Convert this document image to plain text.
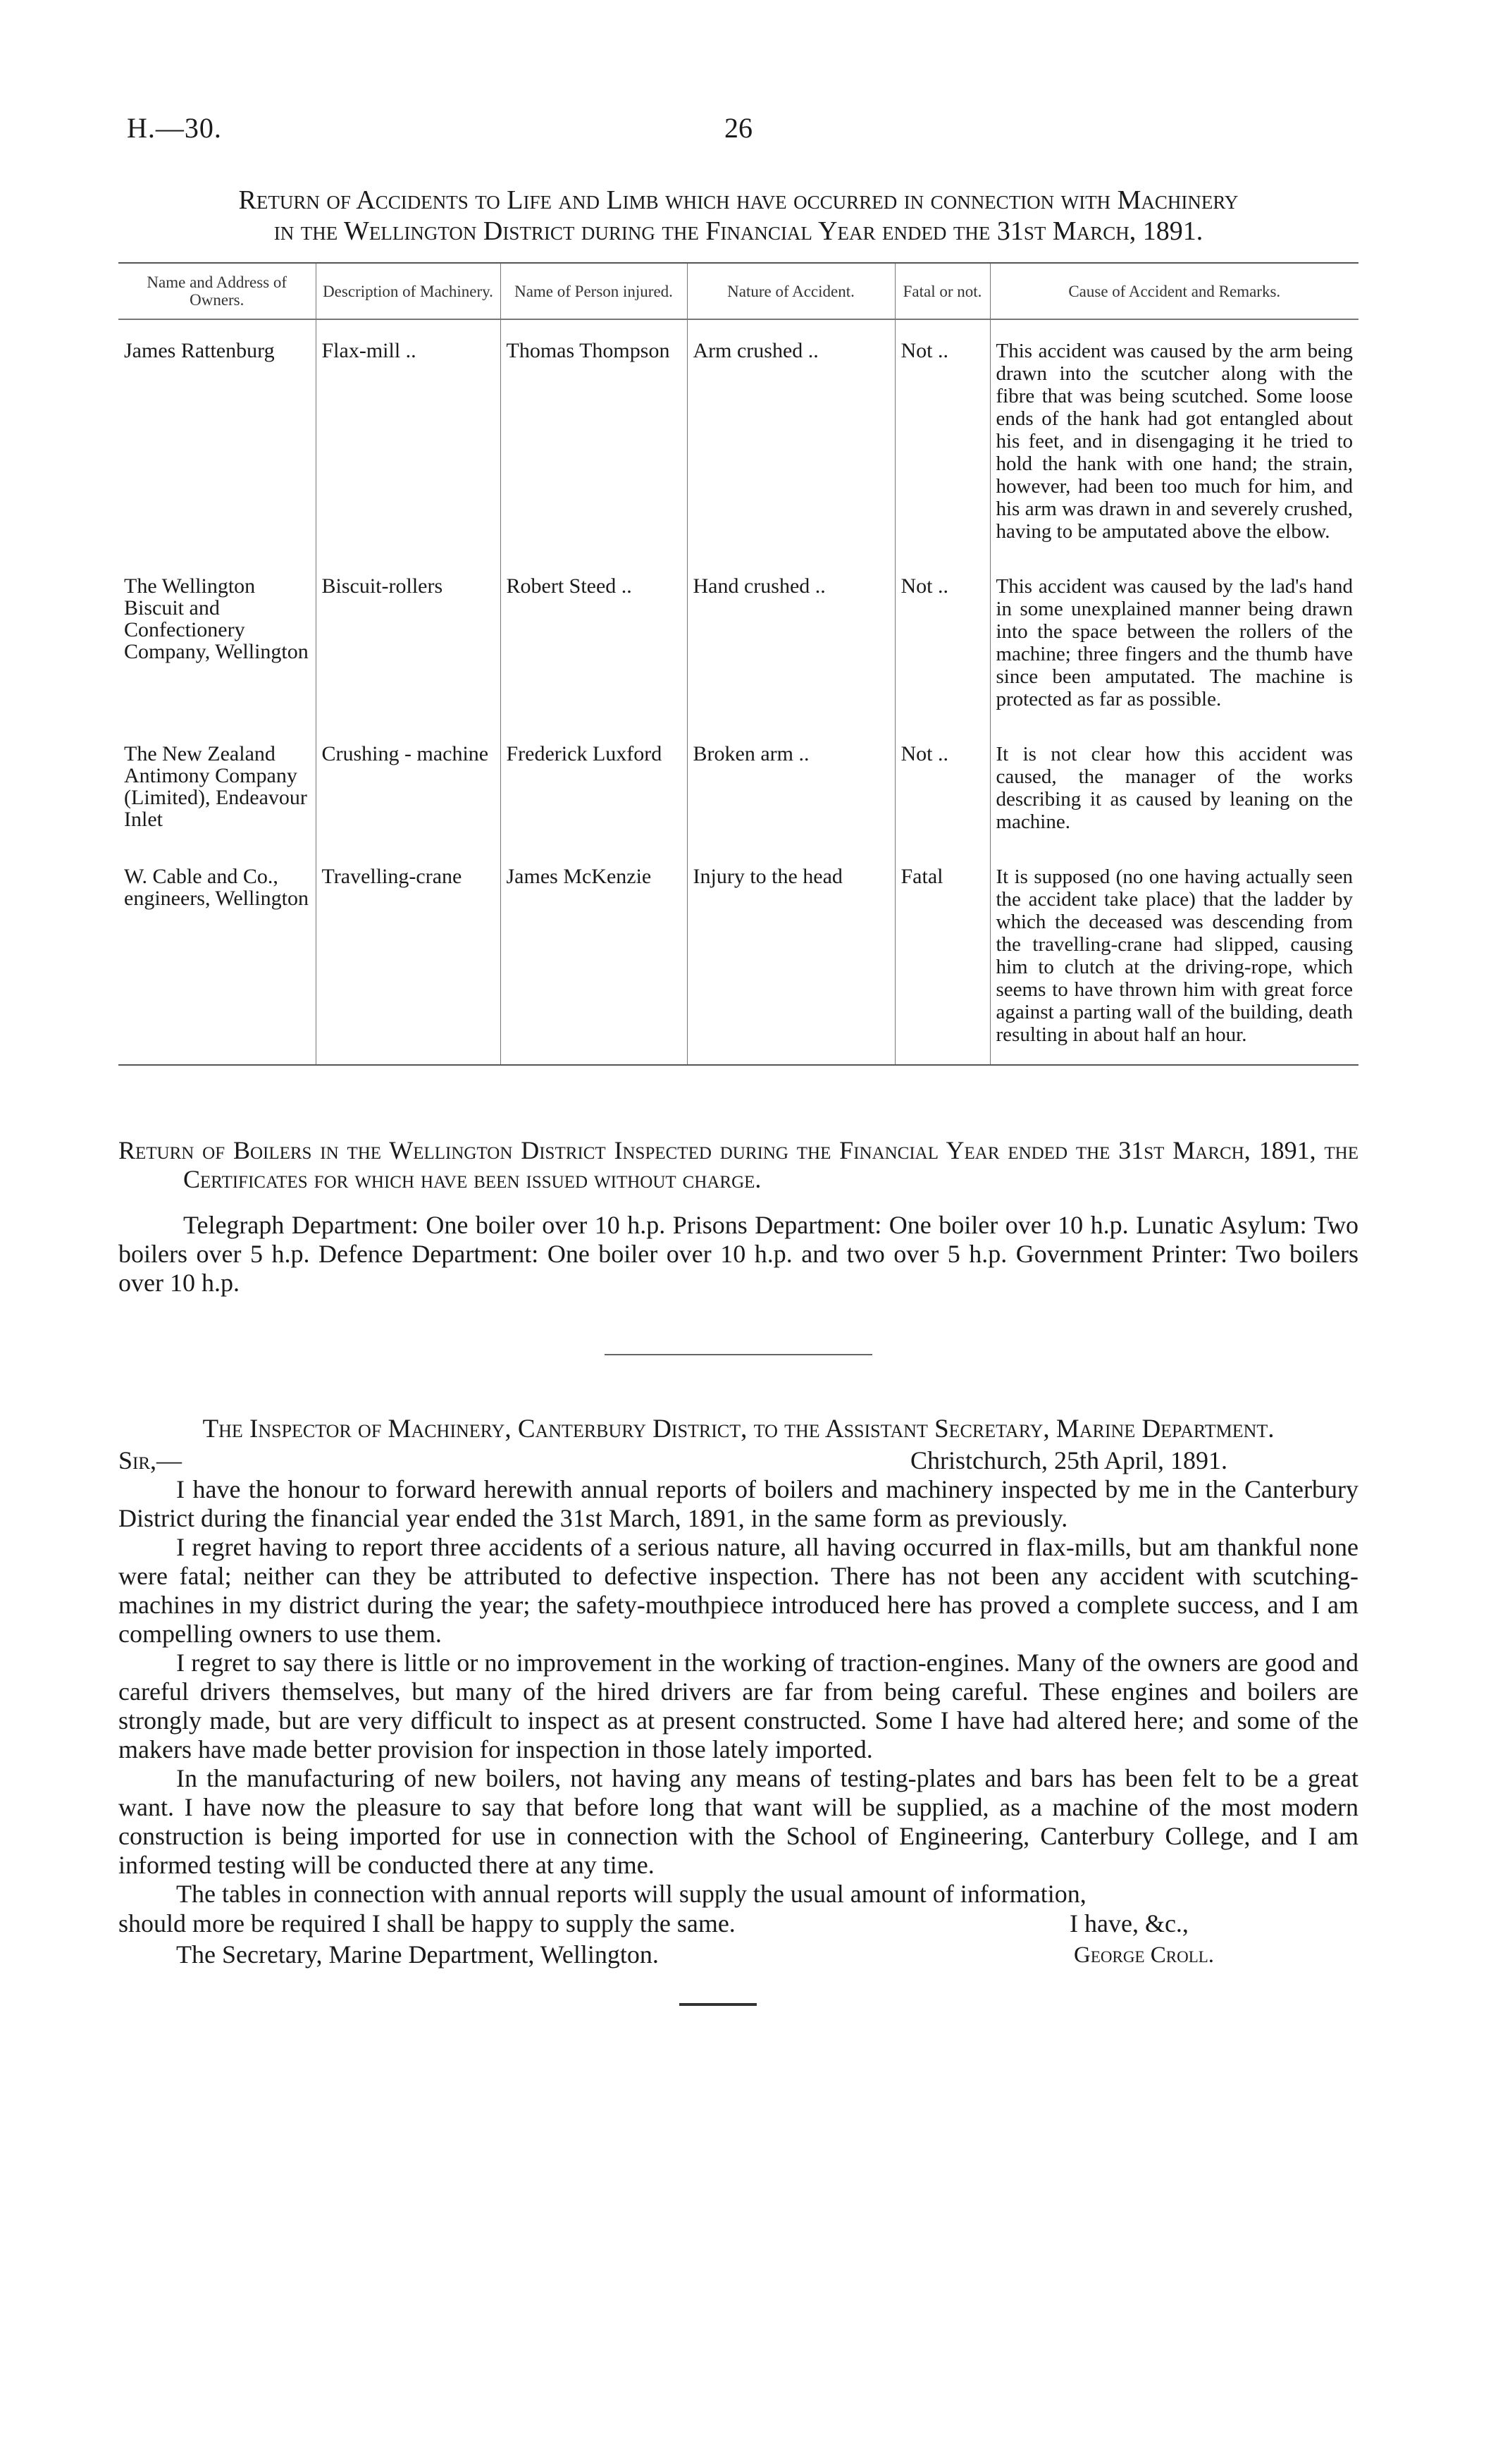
H.—30.	26
Return of Accidents to Life and Limb which have occurred in connection with Machinery
in the Wellington District during the Financial Year ended the 31st March, 1891.
Name and Address of Owners.	Description of Machinery.	Name of Person injured.	Nature of Accident.	Fatal or not.	Cause of Accident and Remarks.
James Rattenburg	Flax-mill ..	Thomas Thompson	Arm crushed ..	Not ..	This accident was caused by the arm being drawn into the scutcher along with the fibre that was being scutched. Some loose ends of the hank had got entangled about his feet, and in disengaging it he tried to hold the hank with one hand; the strain, however, had been too much for him, and his arm was drawn in and severely crushed, having to be amputated above the elbow.
The Wellington Biscuit and Confectionery Company, Wellington	Biscuit-rollers	Robert Steed ..	Hand crushed ..	Not ..	This accident was caused by the lad's hand in some unexplained manner being drawn into the space between the rollers of the machine; three fingers and the thumb have since been amputated. The machine is protected as far as possible.
The New Zealand Antimony Company (Limited), Endeavour Inlet	Crushing - machine	Frederick Luxford	Broken arm ..	Not ..	It is not clear how this accident was caused, the manager of the works describing it as caused by leaning on the machine.
W. Cable and Co., engineers, Wellington	Travelling-crane	James McKenzie	Injury to the head	Fatal	It is supposed (no one having actually seen the accident take place) that the ladder by which the deceased was descending from the travelling-crane had slipped, causing him to clutch at the driving-rope, which seems to have thrown him with great force against a parting wall of the building, death resulting in about half an hour.
Return of Boilers in the Wellington District Inspected during the Financial Year ended the 31st March, 1891, the Certificates for which have been issued without charge.
Telegraph Department: One boiler over 10 h.p. Prisons Department: One boiler over 10 h.p. Lunatic Asylum: Two boilers over 5 h.p. Defence Department: One boiler over 10 h.p. and two over 5 h.p. Government Printer: Two boilers over 10 h.p.
The Inspector of Machinery, Canterbury District, to the Assistant Secretary, Marine Department.
Sir,—	Christchurch, 25th April, 1891.

I have the honour to forward herewith annual reports of boilers and machinery inspected by me in the Canterbury District during the financial year ended the 31st March, 1891, in the same form as previously.

I regret having to report three accidents of a serious nature, all having occurred in flax-mills, but am thankful none were fatal; neither can they be attributed to defective inspection. There has not been any accident with scutching-machines in my district during the year; the safety-mouthpiece introduced here has proved a complete success, and I am compelling owners to use them.

I regret to say there is little or no improvement in the working of traction-engines. Many of the owners are good and careful drivers themselves, but many of the hired drivers are far from being careful. These engines and boilers are strongly made, but are very difficult to inspect as at present constructed. Some I have had altered here; and some of the makers have made better provision for inspection in those lately imported.

In the manufacturing of new boilers, not having any means of testing-plates and bars has been felt to be a great want. I have now the pleasure to say that before long that want will be supplied, as a machine of the most modern construction is being imported for use in connection with the School of Engineering, Canterbury College, and I am informed testing will be conducted there at any time.

The tables in connection with annual reports will supply the usual amount of information,

should more be required I shall be happy to supply the same.	I have, &c.,
The Secretary, Marine Department, Wellington.	George Croll.
